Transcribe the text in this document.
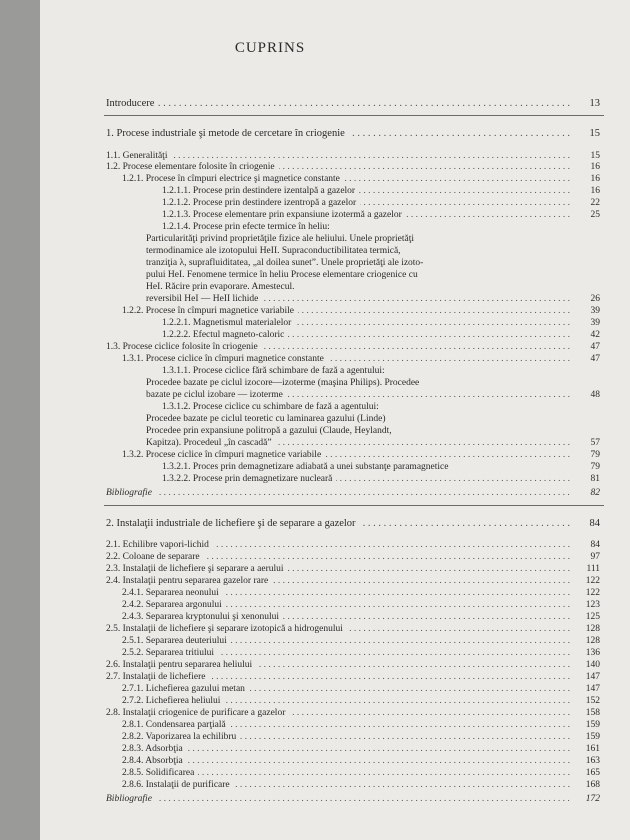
CUPRINS
Introducere . . .	13
1. Procese industriale şi metode de cercetare în criogenie . . .	15
1.1. Generalităţi . . .	15
1.2. Procese elementare folosite în criogenie . . .	16
1.2.1. Procese în cîmpuri electrice şi magnetice constante . . .	16
1.2.1.1. Procese prin destindere izentalpă a gazelor . . .	16
1.2.1.2. Procese prin destindere izentropă a gazelor . . .	22
1.2.1.3. Procese elementare prin expansiune izotermă a gazelor . . .	25
1.2.1.4. Procese prin efecte termice în heliu:
Particularităţi privind proprietăţile fizice ale heliului. Unele proprietăţi
termodinamice ale izotopului HeII. Supraconductibilitatea termică,
tranziţia λ, suprafluiditatea, „al doilea sunet”. Unele proprietăţi ale izoto-
pului HeI. Fenomene termice în heliu Procese elementare criogenice cu
HeI. Răcire prin evaporare. Amestecul.
reversibil HeI — HeII lichide . . .	26
1.2.2. Procese în cîmpuri magnetice variabile . . .	39
1.2.2.1. Magnetismul materialelor . . .	39
1.2.2.2. Efectul magneto-caloric . . .	42
1.3. Procese ciclice folosite în criogenie . . .	47
1.3.1. Procese ciclice în cîmpuri magnetice constante . . .	47
1.3.1.1. Procese ciclice fără schimbare de fază a agentului:
Procedee bazate pe ciclul izocore—izoterme (maşina Philips). Procedee
bazate pe ciclul izobare — izoterme . . .	48
1.3.1.2. Procese ciclice cu schimbare de fază a agentului:
Procedee bazate pe ciclul teoretic cu laminarea gazului (Linde)
Procedee prin expansiune politropă a gazului (Claude, Heylandt,
Kapitza). Procedeul „în cascadă” . . .	57
1.3.2. Procese ciclice în cîmpuri magnetice variabile . . .	79
1.3.2.1. Proces prin demagnetizare adiabată a unei substanţe paramagnetice	79
1.3.2.2. Procese prin demagnetizare nucleară . . .	81
Bibliografie . . .	82
2. Instalaţii industriale de lichefiere şi de separare a gazelor . . .	84
2.1. Echilibre vapori-lichid . . .	84
2.2. Coloane de separare . . .	97
2.3. Instalaţii de lichefiere şi separare a aerului . . .	111
2.4. Instalaţii pentru separarea gazelor rare . . .	122
2.4.1. Separarea neonului . . .	122
2.4.2. Separarea argonului . . .	123
2.4.3. Separarea kryptonului şi xenonului . . .	125
2.5. Instalaţii de lichefiere şi separare izotopică a hidrogenului . . .	128
2.5.1. Separarea deuteriului . . .	128
2.5.2. Separarea tritiului . . .	136
2.6. Instalaţii pentru separarea heliului . . .	140
2.7. Instalaţii de lichefiere . . .	147
2.7.1. Lichefierea gazului metan . . .	147
2.7.2. Lichefierea heliului . . .	152
2.8. Instalaţii criogenice de purificare a gazelor . . .	158
2.8.1. Condensarea parţială . . .	159
2.8.2. Vaporizarea la echilibru . . .	159
2.8.3. Adsorbţia . . .	161
2.8.4. Absorbţia . . .	163
2.8.5. Solidificarea . . .	165
2.8.6. Instalaţii de purificare . . .	168
Bibliografie . . .	172
